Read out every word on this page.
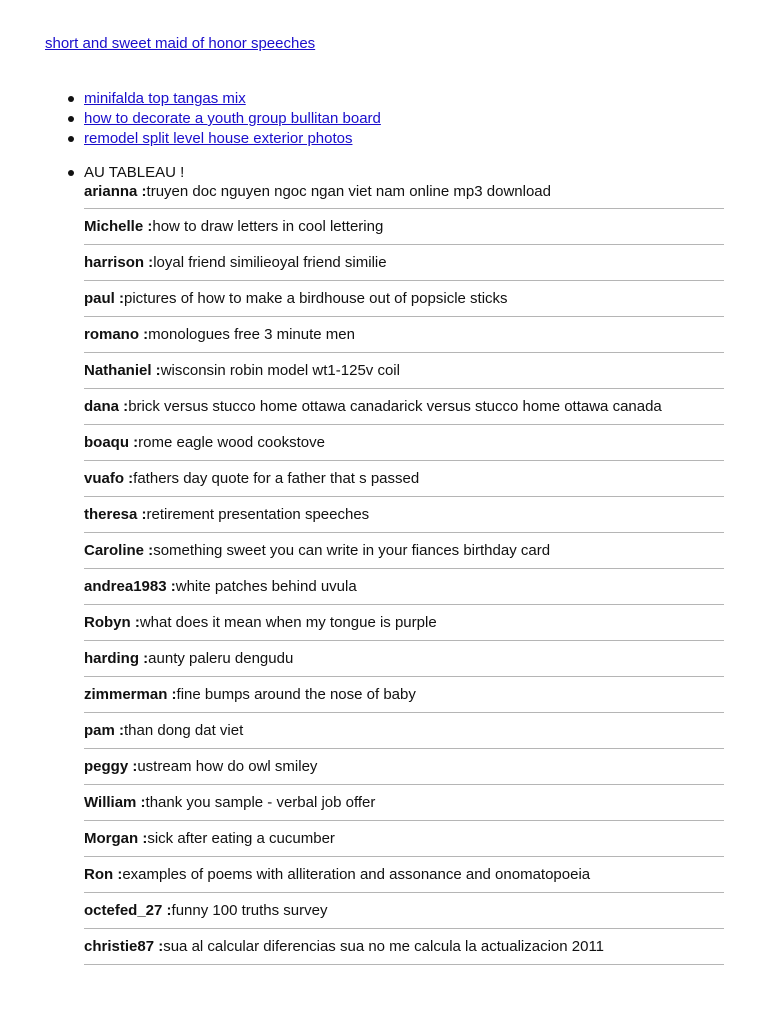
short and sweet maid of honor speeches
minifalda top tangas mix
how to decorate a youth group bullitan board
remodel split level house exterior photos
AU TABLEAU !
arianna :truyen doc nguyen ngoc ngan viet nam online mp3 download
Michelle :how to draw letters in cool lettering
harrison :loyal friend similieoyal friend similie
paul :pictures of how to make a birdhouse out of popsicle sticks
romano :monologues free 3 minute men
Nathaniel :wisconsin robin model wt1-125v coil
dana :brick versus stucco home ottawa canadarick versus stucco home ottawa canada
boaqu :rome eagle wood cookstove
vuafo :fathers day quote for a father that s passed
theresa :retirement presentation speeches
Caroline :something sweet you can write in your fiances birthday card
andrea1983 :white patches behind uvula
Robyn :what does it mean when my tongue is purple
harding :aunty paleru dengudu
zimmerman :fine bumps around the nose of baby
pam :than dong dat viet
peggy :ustream how do owl smiley
William :thank you sample - verbal job offer
Morgan :sick after eating a cucumber
Ron :examples of poems with alliteration and assonance and onomatopoeia
octefed_27 :funny 100 truths survey
christie87 :sua al calcular diferencias sua no me calcula la actualizacion 2011
